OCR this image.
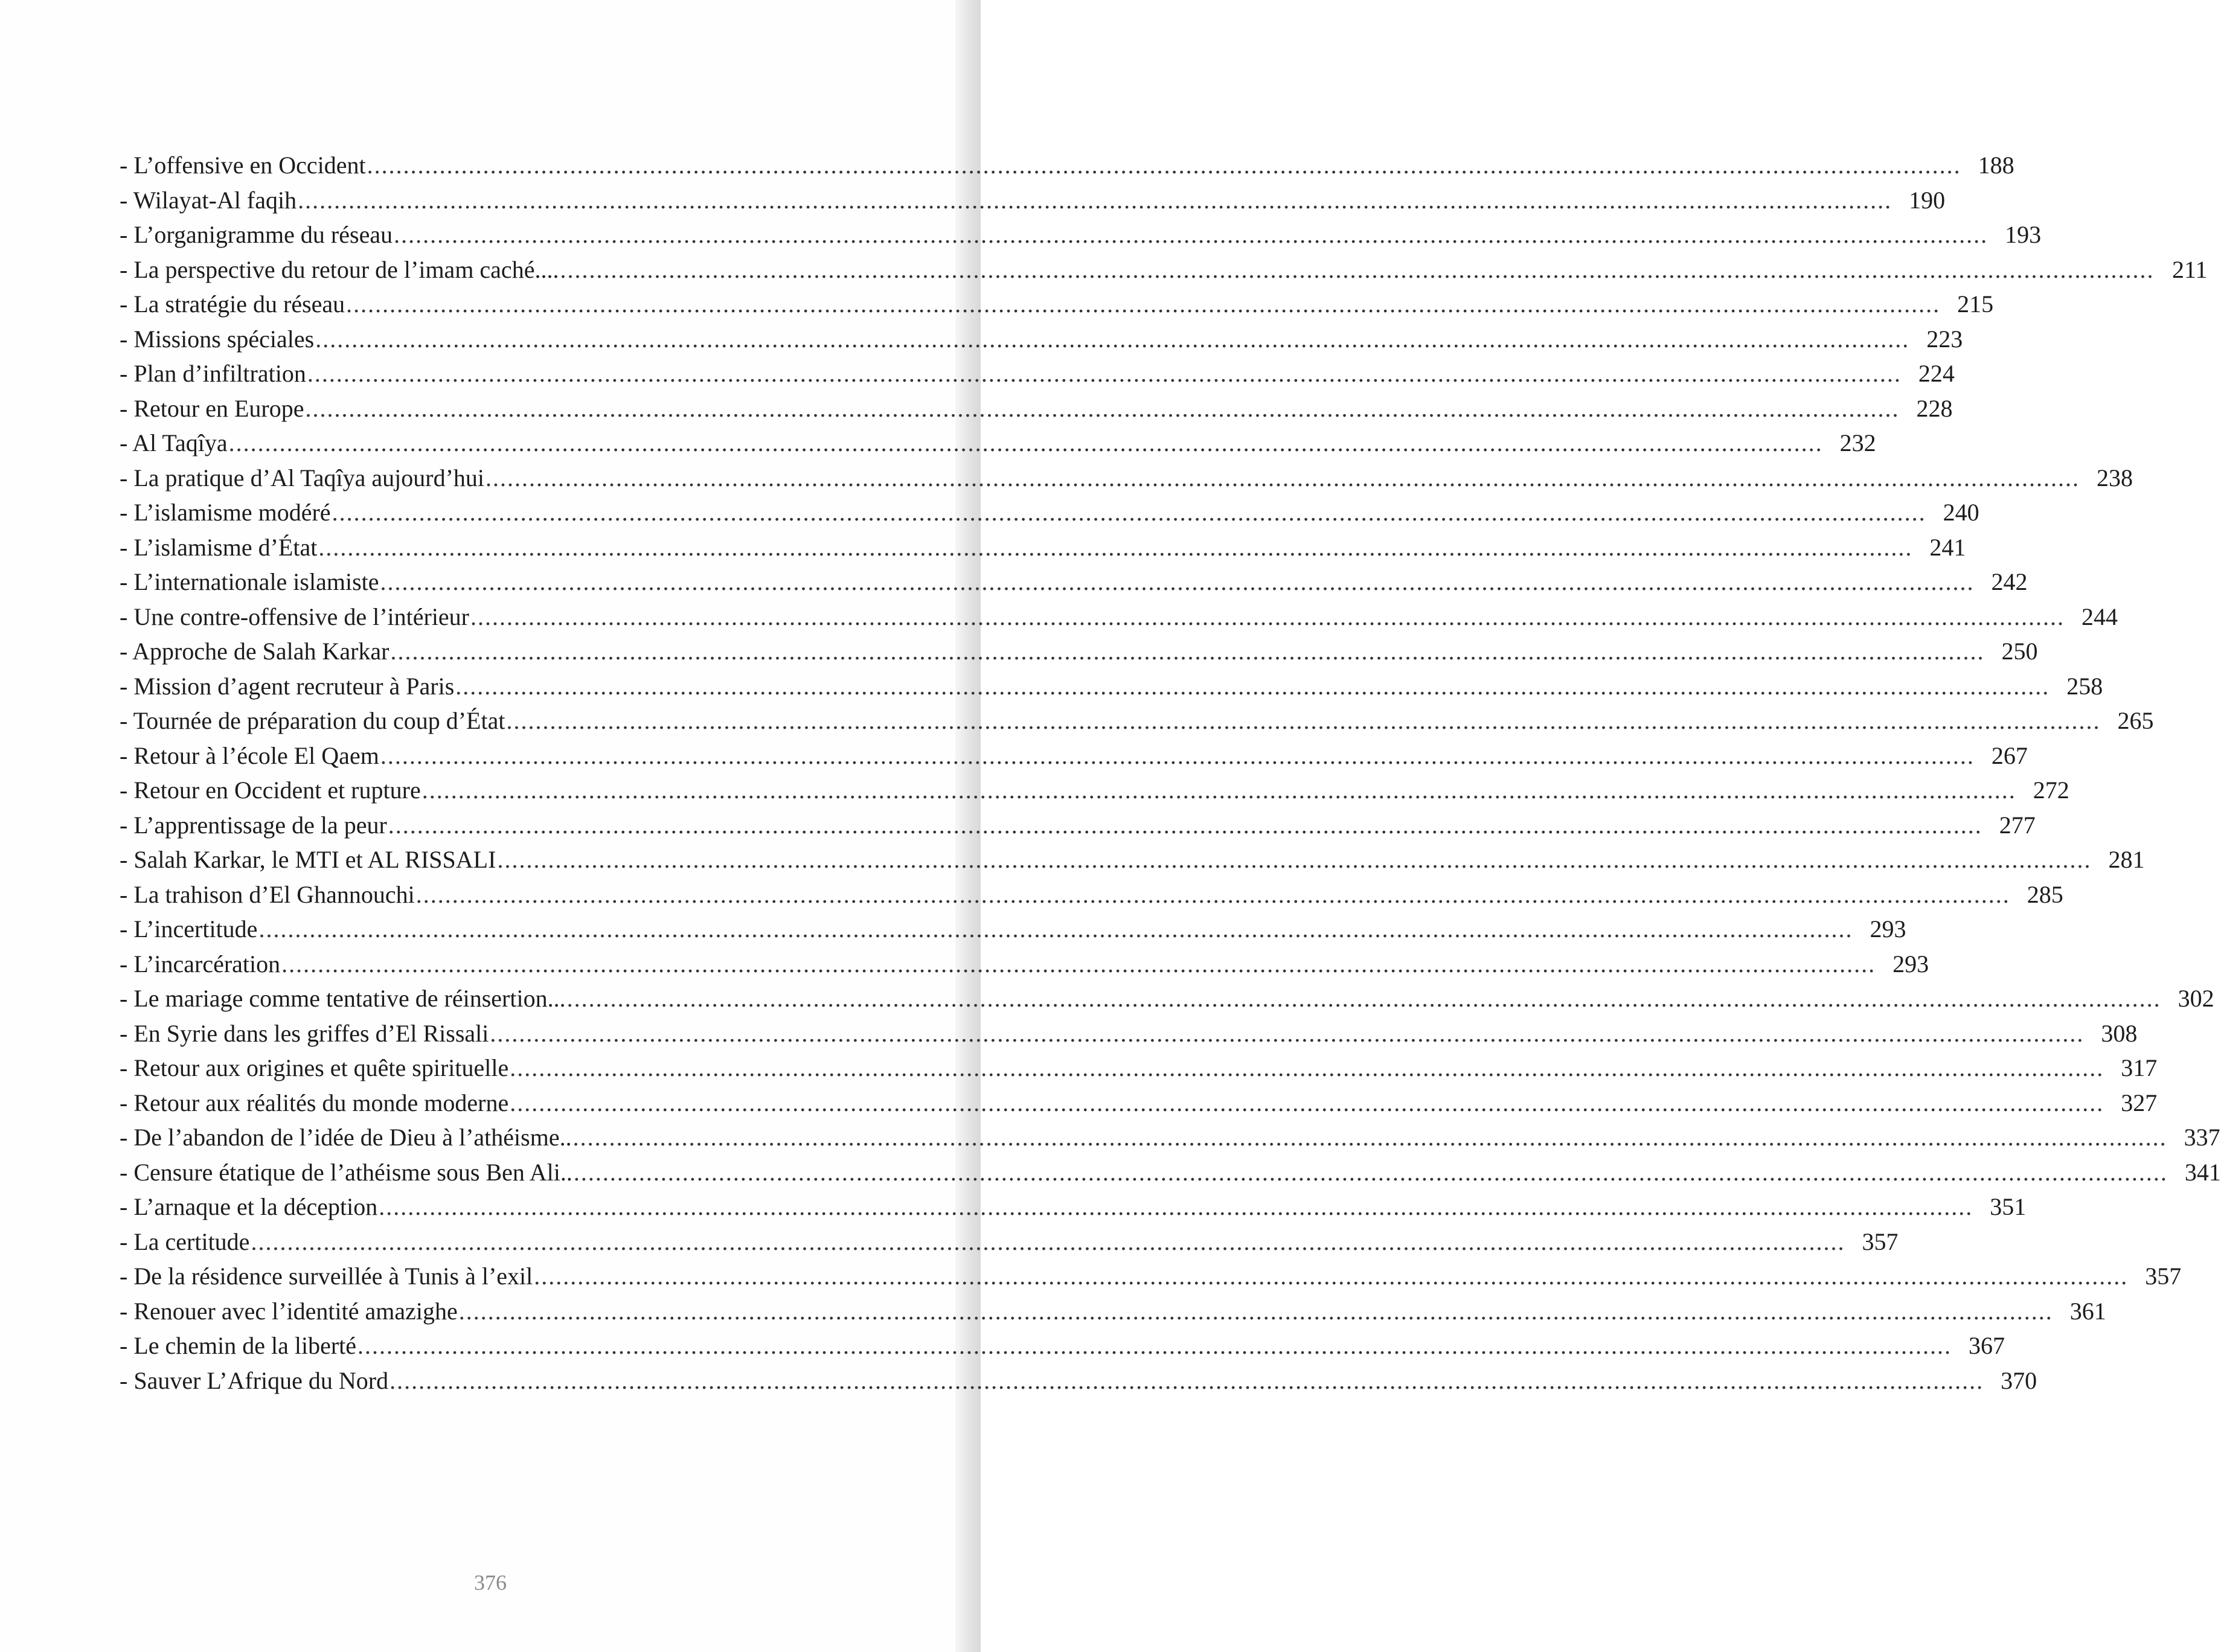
- L’offensive en Occident .....	188
- Wilayat-Al faqih .....	190
- L’organigramme du réseau .....	193
- La perspective du retour de l’imam caché.... .....	211
- La stratégie du réseau .....	215
- Missions spéciales .....	223
- Plan d’infiltration .....	224
- Retour en Europe .....	228
- Al Taqîya .....	232
- La pratique d’Al Taqîya aujourd’hui .....	238
- L’islamisme modéré .....	240
- L’islamisme d’État .....	241
- L’internationale islamiste .....	242
- Une contre-offensive de l’intérieur .....	244
- Approche de Salah Karkar .....	250
- Mission d’agent recruteur à Paris .....	258
- Tournée de préparation du coup d’État .....	265
- Retour à l’école El Qaem .....	267
- Retour en Occident et rupture .....	272
- L’apprentissage de la peur .....	277
- Salah Karkar, le MTI et AL RISSALI .....	281
- La trahison d’El Ghannouchi .....	285
- L’incertitude .....	293
- L’incarcération .....	293
- Le mariage comme tentative de réinsertion... .....	302
- En Syrie dans les griffes d’El Rissali .....	308
- Retour aux origines et quête spirituelle .....	317
- Retour aux réalités du monde moderne .....	327
- De l’abandon de l’idée de Dieu à l’athéisme.. .....	337
- Censure étatique de l’athéisme sous Ben Ali.. .....	341
- L’arnaque et la déception .....	351
- La certitude .....	357
- De la résidence surveillée à Tunis à l’exil .....	357
- Renouer avec l’identité amazighe .....	361
- Le chemin de la liberté .....	367
- Sauver L’Afrique du Nord .....	370
376
